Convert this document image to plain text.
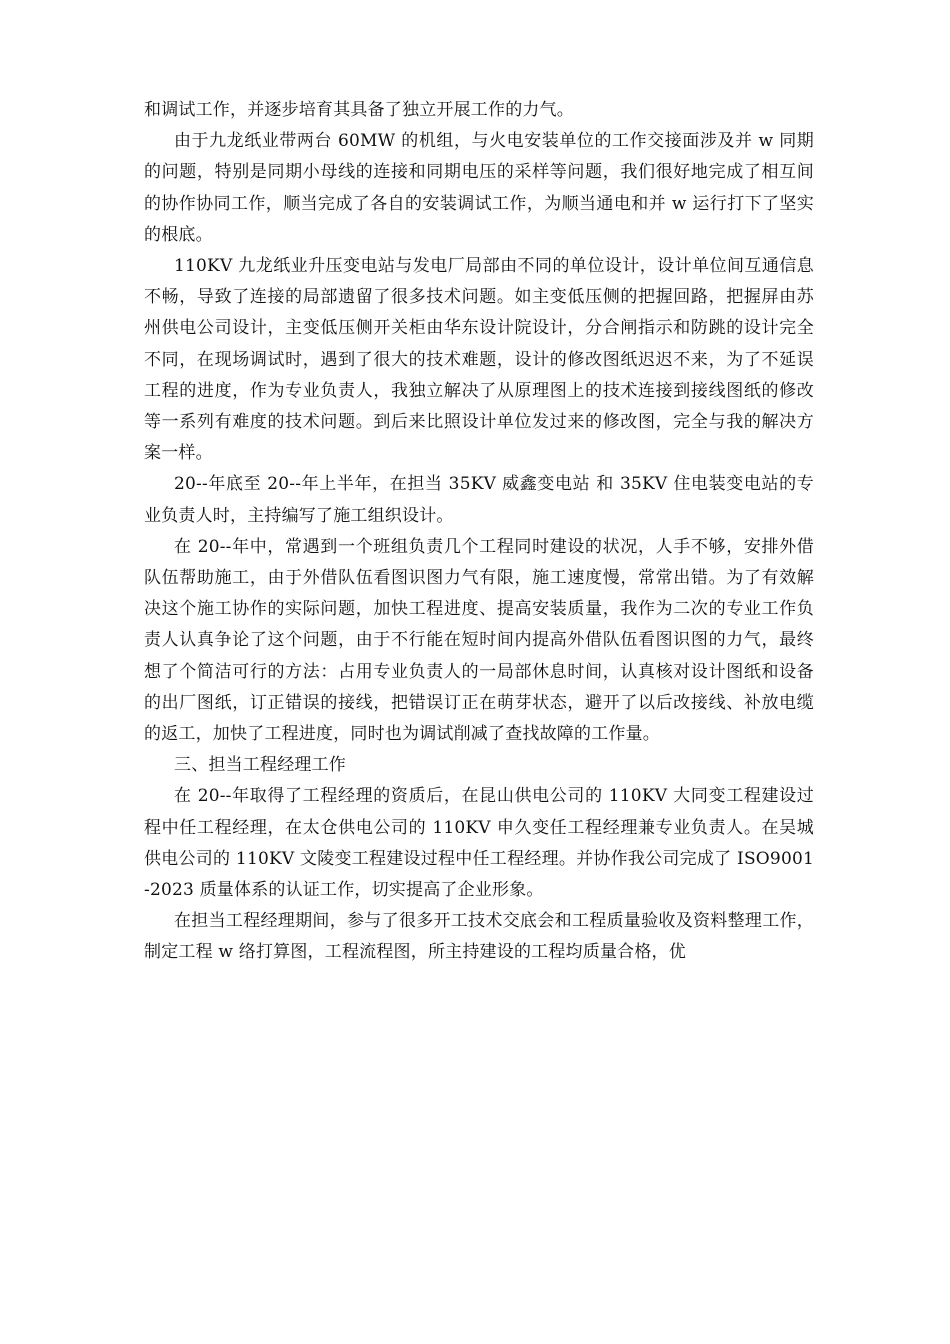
和调试工作，并逐步培育其具备了独立开展工作的力气。

由于九龙纸业带两台 60MW 的机组，与火电安装单位的工作交接面涉及并 w 同期的问题，特别是同期小母线的连接和同期电压的采样等问题，我们很好地完成了相互间的协作协同工作，顺当完成了各自的安装调试工作，为顺当通电和并 w 运行打下了坚实的根底。

110KV 九龙纸业升压变电站与发电厂局部由不同的单位设计，设计单位间互通信息不畅，导致了连接的局部遗留了很多技术问题。如主变低压侧的把握回路，把握屏由苏州供电公司设计，主变低压侧开关柜由华东设计院设计，分合闸指示和防跳的设计完全不同，在现场调试时，遇到了很大的技术难题，设计的修改图纸迟迟不来，为了不延误工程的进度，作为专业负责人，我独立解决了从原理图上的技术连接到接线图纸的修改等一系列有难度的技术问题。到后来比照设计单位发过来的修改图，完全与我的解决方案一样。

20--年底至 20--年上半年，在担当 35KV 威鑫变电站 和 35KV 住电装变电站的专业负责人时，主持编写了施工组织设计。

在 20--年中，常遇到一个班组负责几个工程同时建设的状况，人手不够，安排外借队伍帮助施工，由于外借队伍看图识图力气有限，施工速度慢，常常出错。为了有效解决这个施工协作的实际问题，加快工程进度、提高安装质量，我作为二次的专业工作负责人认真争论了这个问题，由于不行能在短时间内提高外借队伍看图识图的力气，最终想了个简洁可行的方法：占用专业负责人的一局部休息时间，认真核对设计图纸和设备的出厂图纸，订正错误的接线，把错误订正在萌芽状态，避开了以后改接线、补放电缆的返工，加快了工程进度，同时也为调试削减了查找故障的工作量。

三、担当工程经理工作

在 20--年取得了工程经理的资质后，在昆山供电公司的 110KV 大同变工程建设过程中任工程经理，在太仓供电公司的 110KV 申久变任工程经理兼专业负责人。在吴城供电公司的 110KV 文陵变工程建设过程中任工程经理。并协作我公司完成了 ISO9001-2023 质量体系的认证工作，切实提高了企业形象。

在担当工程经理期间，参与了很多开工技术交底会和工程质量验收及资料整理工作，制定工程 w 络打算图，工程流程图，所主持建设的工程均质量合格，优
